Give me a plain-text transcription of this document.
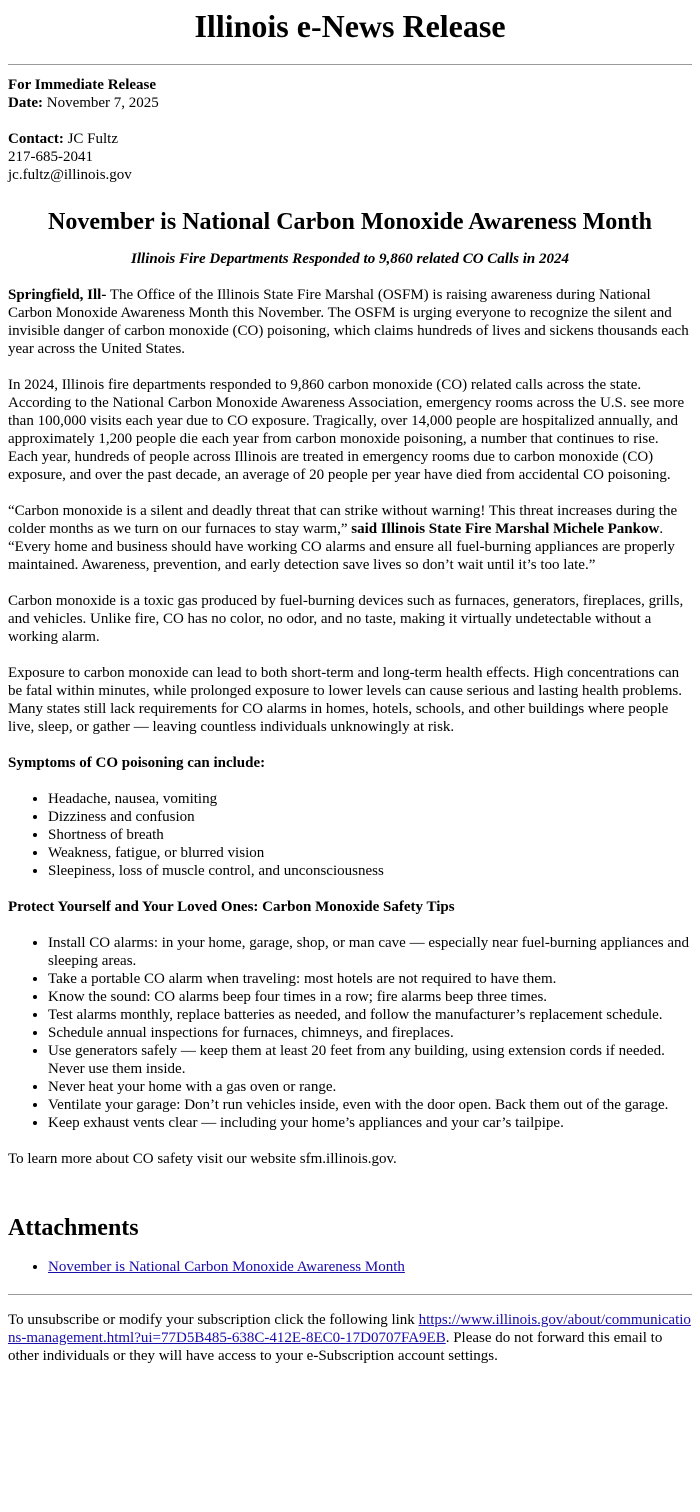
Illinois e-News Release
For Immediate Release
Date: November 7, 2025
Contact: JC Fultz
217-685-2041
jc.fultz@illinois.gov
November is National Carbon Monoxide Awareness Month

Illinois Fire Departments Responded to 9,860 related CO Calls in 2024

Springfield, Ill- The Office of the Illinois State Fire Marshal (OSFM) is raising awareness during National Carbon Monoxide Awareness Month this November. The OSFM is urging everyone to recognize the silent and invisible danger of carbon monoxide (CO) poisoning, which claims hundreds of lives and sickens thousands each year across the United States.

In 2024, Illinois fire departments responded to 9,860 carbon monoxide (CO) related calls across the state. According to the National Carbon Monoxide Awareness Association, emergency rooms across the U.S. see more than 100,000 visits each year due to CO exposure. Tragically, over 14,000 people are hospitalized annually, and approximately 1,200 people die each year from carbon monoxide poisoning, a number that continues to rise. Each year, hundreds of people across Illinois are treated in emergency rooms due to carbon monoxide (CO) exposure, and over the past decade, an average of 20 people per year have died from accidental CO poisoning.

“Carbon monoxide is a silent and deadly threat that can strike without warning! This threat increases during the colder months as we turn on our furnaces to stay warm,” said Illinois State Fire Marshal Michele Pankow. “Every home and business should have working CO alarms and ensure all fuel-burning appliances are properly maintained. Awareness, prevention, and early detection save lives so don’t wait until it’s too late.”

Carbon monoxide is a toxic gas produced by fuel-burning devices such as furnaces, generators, fireplaces, grills, and vehicles. Unlike fire, CO has no color, no odor, and no taste, making it virtually undetectable without a working alarm.

Exposure to carbon monoxide can lead to both short-term and long-term health effects. High concentrations can be fatal within minutes, while prolonged exposure to lower levels can cause serious and lasting health problems. Many states still lack requirements for CO alarms in homes, hotels, schools, and other buildings where people live, sleep, or gather — leaving countless individuals unknowingly at risk.

Symptoms of CO poisoning can include:

• Headache, nausea, vomiting
• Dizziness and confusion
• Shortness of breath
• Weakness, fatigue, or blurred vision
• Sleepiness, loss of muscle control, and unconsciousness

Protect Yourself and Your Loved Ones: Carbon Monoxide Safety Tips

• Install CO alarms: in your home, garage, shop, or man cave — especially near fuel-burning appliances and sleeping areas.
• Take a portable CO alarm when traveling: most hotels are not required to have them.
• Know the sound: CO alarms beep four times in a row; fire alarms beep three times.
• Test alarms monthly, replace batteries as needed, and follow the manufacturer’s replacement schedule.
• Schedule annual inspections for furnaces, chimneys, and fireplaces.
• Use generators safely — keep them at least 20 feet from any building, using extension cords if needed. Never use them inside.
• Never heat your home with a gas oven or range.
• Ventilate your garage: Don’t run vehicles inside, even with the door open. Back them out of the garage.
• Keep exhaust vents clear — including your home’s appliances and your car’s tailpipe.

To learn more about CO safety visit our website sfm.illinois.gov.

Attachments
• November is National Carbon Monoxide Awareness Month

To unsubscribe or modify your subscription click the following link https://www.illinois.gov/about/communications-management.html?ui=77D5B485-638C-412E-8EC0-17D0707FA9EB. Please do not forward this email to other individuals or they will have access to your e-Subscription account settings.
